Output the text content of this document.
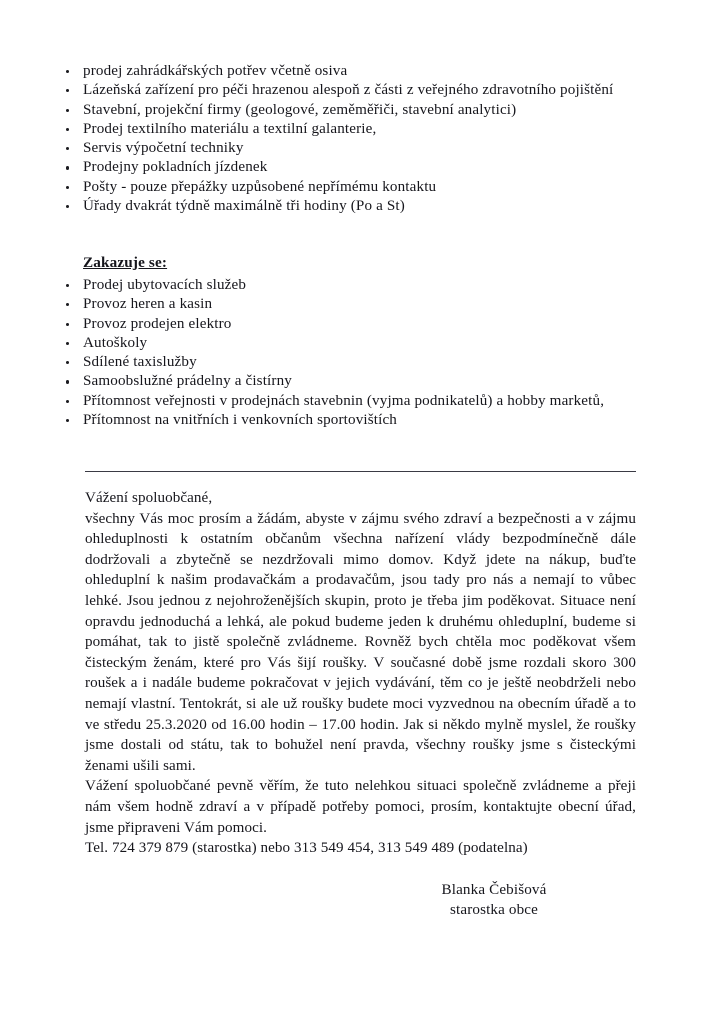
prodej zahrádkářských potřev včetně osiva
Lázeňská zařízení pro péči hrazenou alespoň z části z veřejného zdravotního pojištění
Stavební, projekční firmy (geologové, zeměměřiči, stavební analytici)
Prodej textilního materiálu a textilní galanterie,
Servis výpočetní techniky
Prodejny pokladních jízdenek
Pošty - pouze přepážky uzpůsobené nepřímému kontaktu
Úřady dvakrát týdně maximálně tři hodiny (Po a St)
Zakazuje se:
Prodej ubytovacích služeb
Provoz heren a kasin
Provoz prodejen elektro
Autoškoly
Sdílené taxislužby
Samoobslužné prádelny a čistírny
Přítomnost veřejnosti v prodejnách stavebnin (vyjma podnikatelů) a hobby marketů,
Přítomnost na vnitřních i venkovních sportovištích

Vážení spoluobčané,

všechny Vás moc prosím a žádám, abyste v zájmu svého zdraví a bezpečnosti a v zájmu ohleduplnosti k ostatním občanům všechna nařízení vlády bezpodmínečně dále dodržovali a zbytečně se nezdržovali mimo domov. Když jdete na nákup, buďte ohleduplní k našim prodavačkám a prodavačům, jsou tady pro nás a nemají to vůbec lehké. Jsou jednou z nejohroženějších skupin, proto je třeba jim poděkovat. Situace není opravdu jednoduchá a lehká, ale pokud budeme jeden k druhému ohleduplní, budeme si pomáhat, tak to jistě společně zvládneme. Rovněž bych chtěla moc poděkovat všem čisteckým ženám, které pro Vás šijí roušky. V současné době jsme rozdali skoro 300 roušek a i nadále budeme pokračovat v jejich vydávání, těm co je ještě neobdrželi nebo nemají vlastní. Tentokrát, si ale už roušky budete moci vyzvednou na obecním úřadě a to ve středu 25.3.2020 od 16.00 hodin – 17.00 hodin. Jak si někdo mylně myslel, že roušky jsme dostali od státu, tak to bohužel není pravda, všechny roušky jsme s čisteckými ženami ušili sami.

Vážení spoluobčané pevně věřím, že tuto nelehkou situaci společně zvládneme a přeji nám všem hodně zdraví a v případě potřeby pomoci, prosím, kontaktujte obecní úřad, jsme připraveni Vám pomoci.

Tel. 724 379 879 (starostka) nebo 313 549 454, 313 549 489 (podatelna)

Blanka Čebišová
starostka obce
